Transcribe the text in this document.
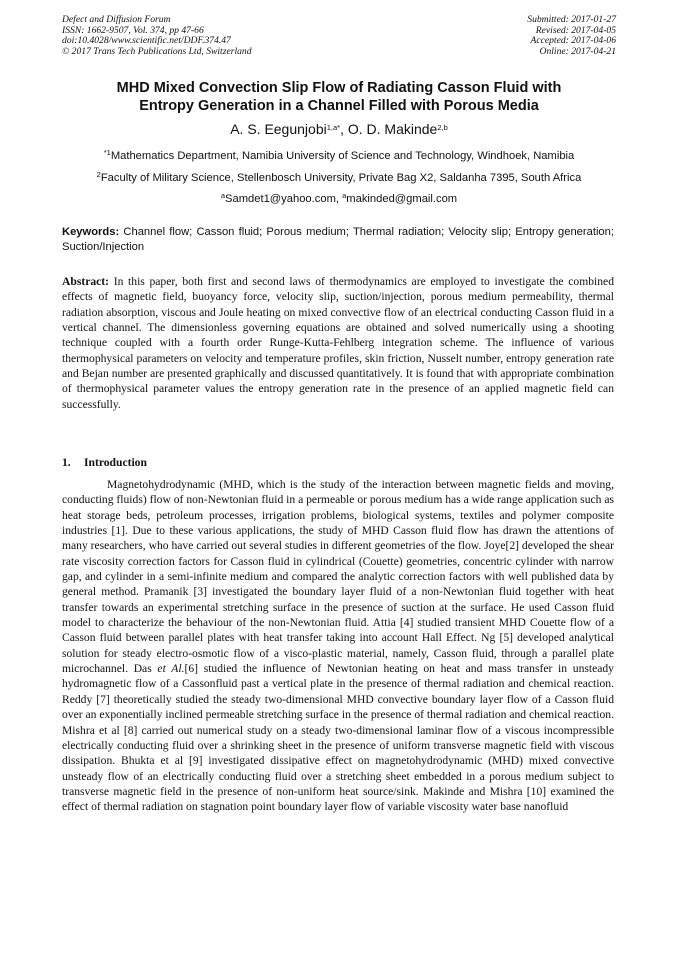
Defect and Diffusion Forum
ISSN: 1662-9507, Vol. 374, pp 47-66
doi:10.4028/www.scientific.net/DDF.374.47
© 2017 Trans Tech Publications Ltd, Switzerland
Submitted: 2017-01-27
Revised: 2017-04-05
Accepted: 2017-04-06
Online: 2017-04-21
MHD Mixed Convection Slip Flow of Radiating Casson Fluid with
Entropy Generation in a Channel Filled with Porous Media
A. S. Eegunjobi$^{1,a*}$, O. D. Makinde$^{2,b}$
$^{*1}$Mathematics Department, Namibia University of Science and Technology, Windhoek, Namibia
$^2$Faculty of Military Science, Stellenbosch University, Private Bag X2, Saldanha 7395, South Africa
$^a$Samdet1@yahoo.com, $^a$makinded@gmail.com
Keywords: Channel flow; Casson fluid; Porous medium; Thermal radiation; Velocity slip; Entropy generation; Suction/Injection
Abstract: In this paper, both first and second laws of thermodynamics are employed to investigate the combined effects of magnetic field, buoyancy force, velocity slip, suction/injection, porous medium permeability, thermal radiation absorption, viscous and Joule heating on mixed convective flow of an electrical conducting Casson fluid in a vertical channel. The dimensionless governing equations are obtained and solved numerically using a shooting technique coupled with a fourth order Runge-Kutta-Fehlberg integration scheme. The influence of various thermophysical parameters on velocity and temperature profiles, skin friction, Nusselt number, entropy generation rate and Bejan number are presented graphically and discussed quantitatively. It is found that with appropriate combination of thermophysical parameter values the entropy generation rate in the presence of an applied magnetic field can successfully.
1. Introduction
Magnetohydrodynamic (MHD, which is the study of the interaction between magnetic fields and moving, conducting fluids) flow of non-Newtonian fluid in a permeable or porous medium has a wide range application such as heat storage beds, petroleum processes, irrigation problems, biological systems, textiles and polymer composite industries [1]. Due to these various applications, the study of MHD Casson fluid flow has drawn the attentions of many researchers, who have carried out several studies in different geometries of the flow. Joye[2] developed the shear rate viscosity correction factors for Casson fluid in cylindrical (Couette) geometries, concentric cylinder with narrow gap, and cylinder in a semi-infinite medium and compared the analytic correction factors with well published data by general method. Pramanik [3] investigated the boundary layer fluid of a non-Newtonian fluid together with heat transfer towards an experimental stretching surface in the presence of suction at the surface. He used Casson fluid model to characterize the behaviour of the non-Newtonian fluid. Attia [4] studied transient MHD Couette flow of a Casson fluid between parallel plates with heat transfer taking into account Hall Effect. Ng [5] developed analytical solution for steady electro-osmotic flow of a visco-plastic material, namely, Casson fluid, through a parallel plate microchannel. Das et Al.[6] studied the influence of Newtonian heating on heat and mass transfer in unsteady hydromagnetic flow of a Cassonfluid past a vertical plate in the presence of thermal radiation and chemical reaction. Reddy [7] theoretically studied the steady two-dimensional MHD convective boundary layer flow of a Casson fluid over an exponentially inclined permeable stretching surface in the presence of thermal radiation and chemical reaction. Mishra et al [8] carried out numerical study on a steady two-dimensional laminar flow of a viscous incompressible electrically conducting fluid over a shrinking sheet in the presence of uniform transverse magnetic field with viscous dissipation. Bhukta et al [9] investigated dissipative effect on magnetohydrodynamic (MHD) mixed convective unsteady flow of an electrically conducting fluid over a stretching sheet embedded in a porous medium subject to transverse magnetic field in the presence of non-uniform heat source/sink. Makinde and Mishra [10] examined the effect of thermal radiation on stagnation point boundary layer flow of variable viscosity water base nanofluid
